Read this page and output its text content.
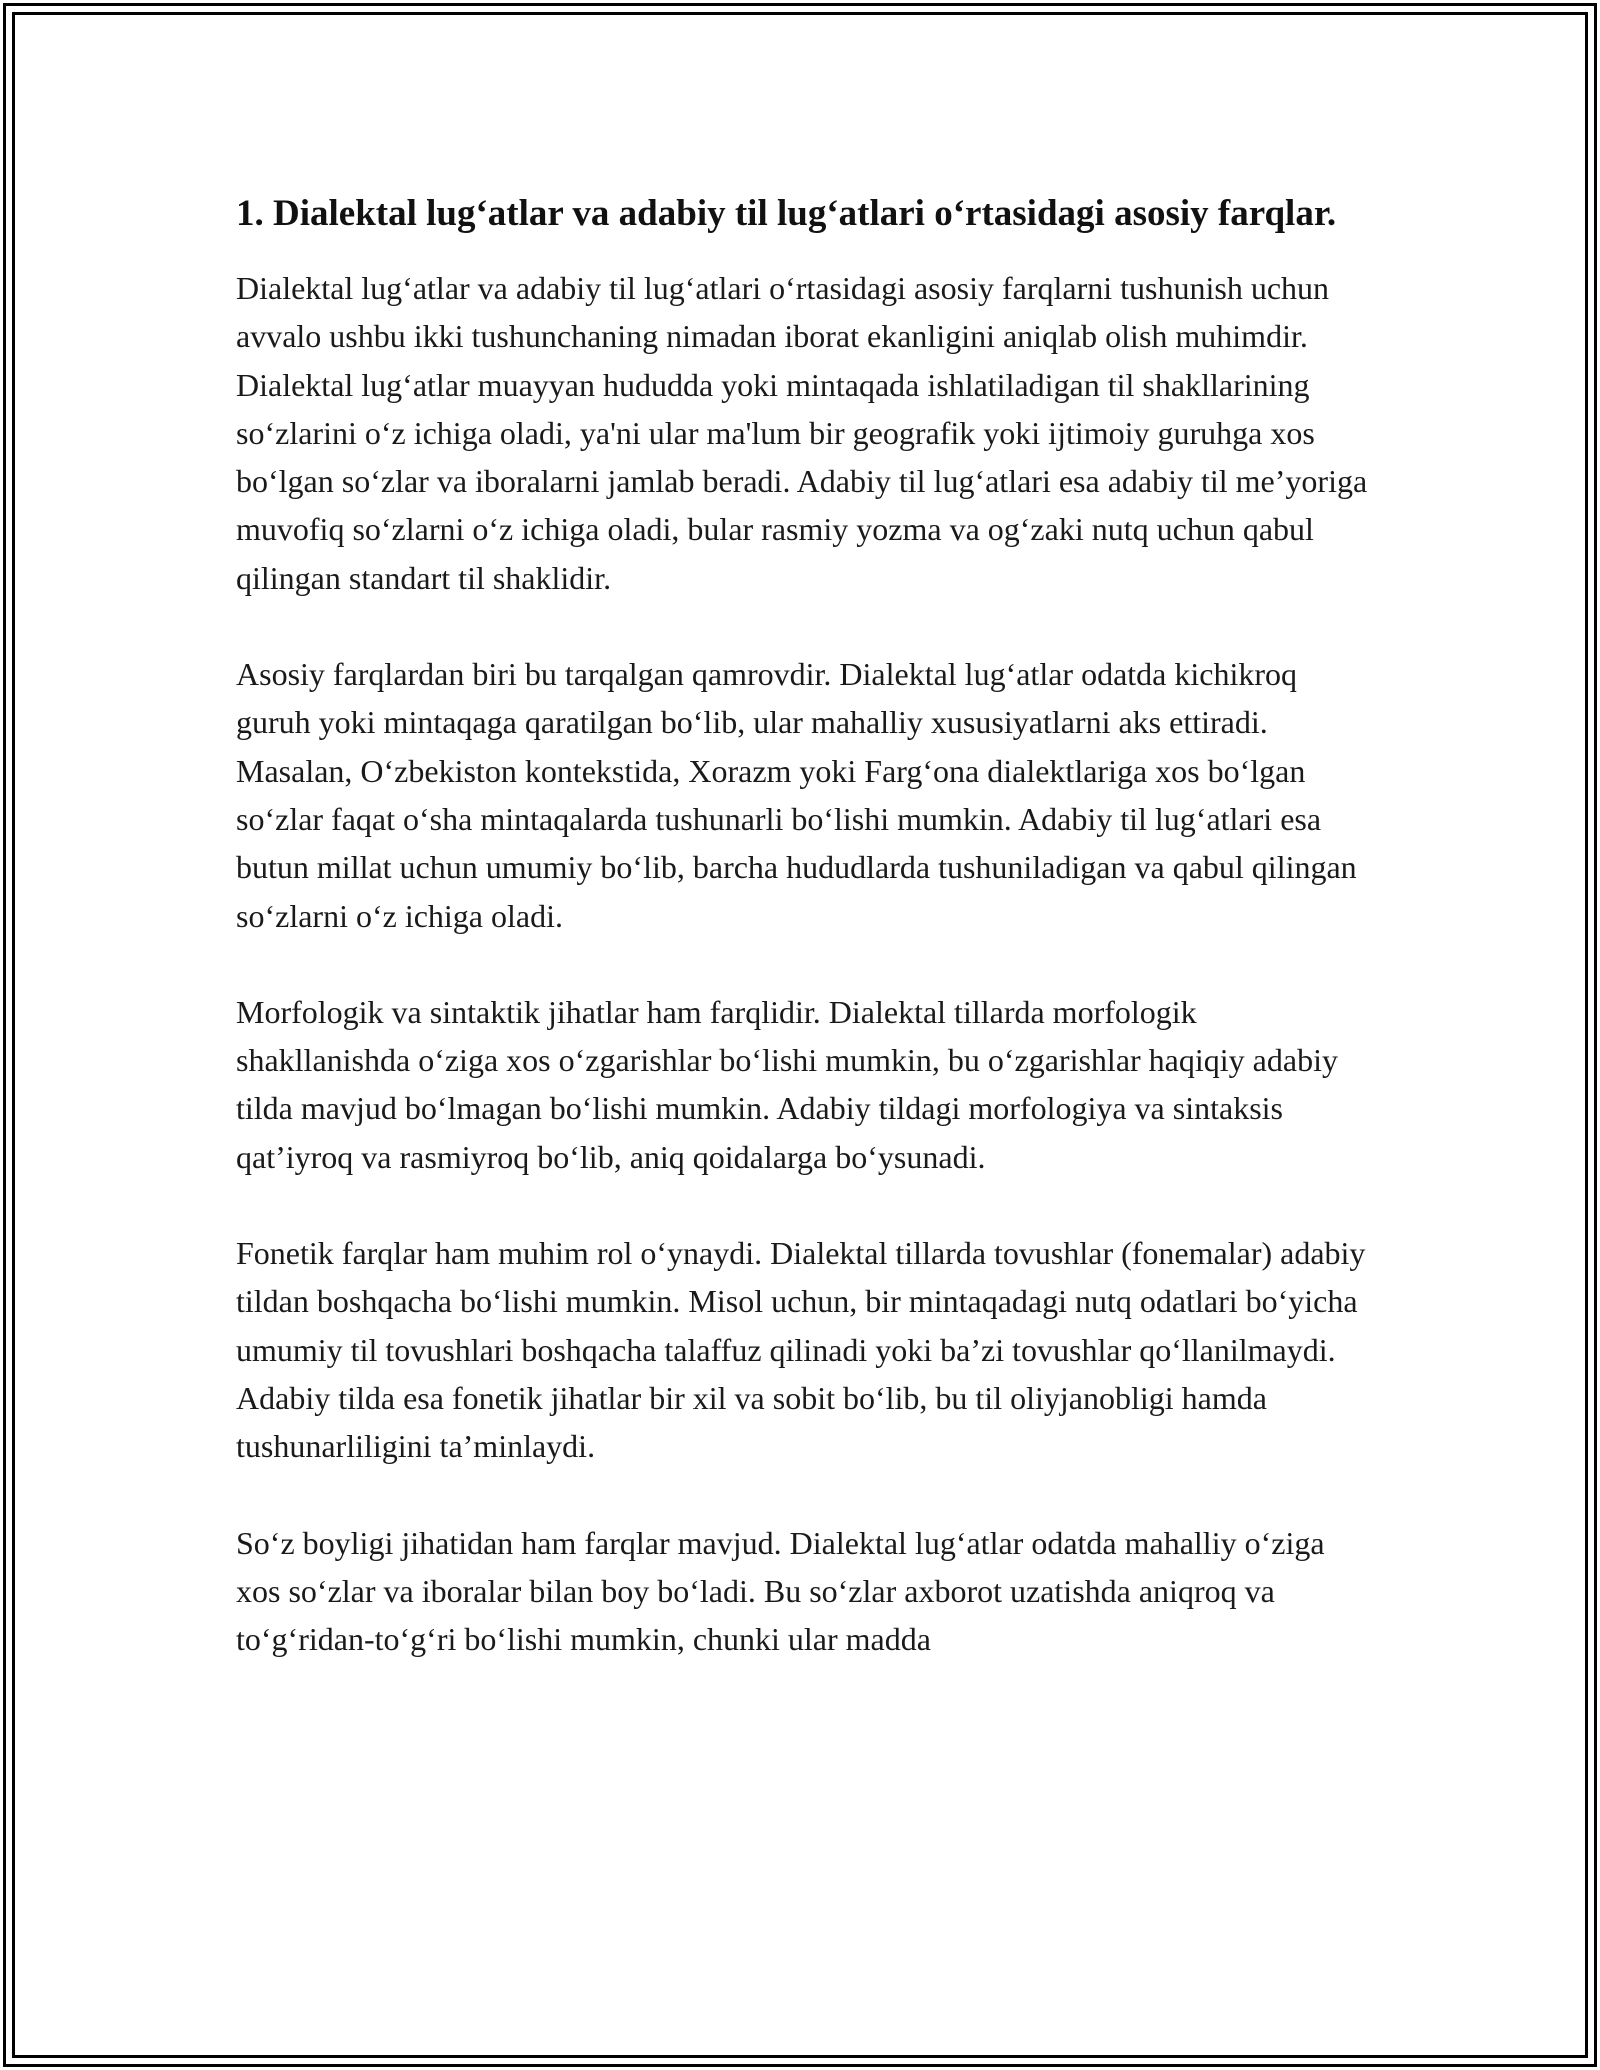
1. Dialektal lug‘atlar va adabiy til lug‘atlari o‘rtasidagi asosiy farqlar.

Dialektal lug‘atlar va adabiy til lug‘atlari o‘rtasidagi asosiy farqlarni tushunish uchun avvalo ushbu ikki tushunchaning nimadan iborat ekanligini aniqlab olish muhimdir. Dialektal lug‘atlar muayyan hududda yoki mintaqada ishlatiladigan til shakllarining so‘zlarini o‘z ichiga oladi, ya'ni ular ma'lum bir geografik yoki ijtimoiy guruhga xos bo‘lgan so‘zlar va iboralarni jamlab beradi. Adabiy til lug‘atlari esa adabiy til me’yoriga muvofiq so‘zlarni o‘z ichiga oladi, bular rasmiy yozma va og‘zaki nutq uchun qabul qilingan standart til shaklidir.

Asosiy farqlardan biri bu tarqalgan qamrovdir. Dialektal lug‘atlar odatda kichikroq guruh yoki mintaqaga qaratilgan bo‘lib, ular mahalliy xususiyatlarni aks ettiradi. Masalan, O‘zbekiston kontekstida, Xorazm yoki Farg‘ona dialektlariga xos bo‘lgan so‘zlar faqat o‘sha mintaqalarda tushunarli bo‘lishi mumkin. Adabiy til lug‘atlari esa butun millat uchun umumiy bo‘lib, barcha hududlarda tushuniladigan va qabul qilingan so‘zlarni o‘z ichiga oladi.

Morfologik va sintaktik jihatlar ham farqlidir. Dialektal tillarda morfologik shakllanishda o‘ziga xos o‘zgarishlar bo‘lishi mumkin, bu o‘zgarishlar haqiqiy adabiy tilda mavjud bo‘lmagan bo‘lishi mumkin. Adabiy tildagi morfologiya va sintaksis qat’iyroq va rasmiyroq bo‘lib, aniq qoidalarga bo‘ysunadi.

Fonetik farqlar ham muhim rol o‘ynaydi. Dialektal tillarda tovushlar (fonemalar) adabiy tildan boshqacha bo‘lishi mumkin. Misol uchun, bir mintaqadagi nutq odatlari bo‘yicha umumiy til tovushlari boshqacha talaffuz qilinadi yoki ba’zi tovushlar qo‘llanilmaydi. Adabiy tilda esa fonetik jihatlar bir xil va sobit bo‘lib, bu til oliyjanobligi hamda tushunarliligini ta’minlaydi.

So‘z boyligi jihatidan ham farqlar mavjud. Dialektal lug‘atlar odatda mahalliy o‘ziga xos so‘zlar va iboralar bilan boy bo‘ladi. Bu so‘zlar axborot uzatishda aniqroq va to‘g‘ridan-to‘g‘ri bo‘lishi mumkin, chunki ular madda
